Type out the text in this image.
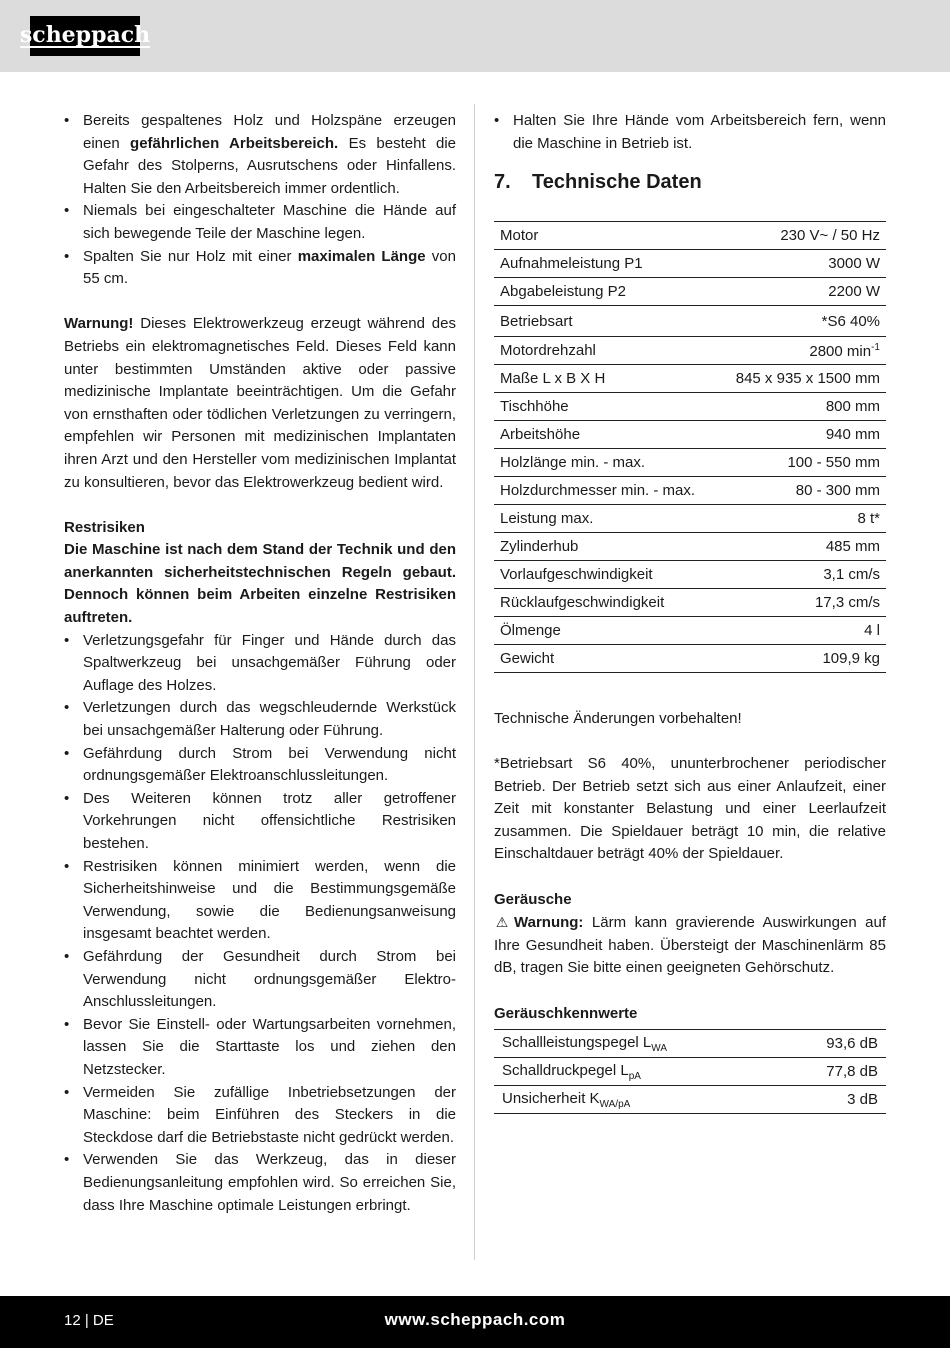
scheppach
• Bereits gespaltenes Holz und Holzspäne erzeugen einen gefährlichen Arbeitsbereich. Es besteht die Gefahr des Stolperns, Ausrutschens oder Hinfallens. Halten Sie den Arbeitsbereich immer ordentlich.
• Niemals bei eingeschalteter Maschine die Hände auf sich bewegende Teile der Maschine legen.
• Spalten Sie nur Holz mit einer maximalen Länge von 55 cm.

Warnung! Dieses Elektrowerkzeug erzeugt während des Betriebs ein elektromagnetisches Feld. Dieses Feld kann unter bestimmten Umständen aktive oder passive medizinische Implantate beeinträchtigen. Um die Gefahr von ernsthaften oder tödlichen Verletzungen zu verringern, empfehlen wir Personen mit medizinischen Implantaten ihren Arzt und den Hersteller vom medizinischen Implantat zu konsultieren, bevor das Elektrowerkzeug bedient wird.

Restrisiken

Die Maschine ist nach dem Stand der Technik und den anerkannten sicherheitstechnischen Regeln gebaut. Dennoch können beim Arbeiten einzelne Restrisiken auftreten.

• Verletzungsgefahr für Finger und Hände durch das Spaltwerkzeug bei unsachgemäßer Führung oder Auflage des Holzes.
• Verletzungen durch das wegschleudernde Werkstück bei unsachgemäßer Halterung oder Führung.
• Gefährdung durch Strom bei Verwendung nicht ordnungsgemäßer Elektroanschlussleitungen.
• Des Weiteren können trotz aller getroffener Vorkehrungen nicht offensichtliche Restrisiken bestehen.
• Restrisiken können minimiert werden, wenn die Sicherheitshinweise und die Bestimmungsgemäße Verwendung, sowie die Bedienungsanweisung insgesamt beachtet werden.
• Gefährdung der Gesundheit durch Strom bei Verwendung nicht ordnungsgemäßer Elektro-Anschlussleitungen.
• Bevor Sie Einstell- oder Wartungsarbeiten vornehmen, lassen Sie die Starttaste los und ziehen den Netzstecker.
• Vermeiden Sie zufällige Inbetriebsetzungen der Maschine: beim Einführen des Steckers in die Steckdose darf die Betriebstaste nicht gedrückt werden.
• Verwenden Sie das Werkzeug, das in dieser Bedienungsanleitung empfohlen wird. So erreichen Sie, dass Ihre Maschine optimale Leistungen erbringt.
• Halten Sie Ihre Hände vom Arbeitsbereich fern, wenn die Maschine in Betrieb ist.
7. Technische Daten
Motor	230 V~ / 50 Hz
Aufnahmeleistung P1	3000 W
Abgabeleistung P2	2200 W
Betriebsart	*S6 40%
Motordrehzahl	2800 $\min^{-1}$
Maße L x B X H	845 x 935 x 1500 mm
Tischhöhe	800 mm
Arbeitshöhe	940 mm
Holzlänge min. - max.	100 - 550 mm
Holzdurchmesser min. - max.	80 - 300 mm
Leistung max.	8 t*
Zylinderhub	485 mm
Vorlaufgeschwindigkeit	3,1 cm/s
Rücklaufgeschwindigkeit	17,3 cm/s
Ölmenge	4 l
Gewicht	109,9 kg

Technische Änderungen vorbehalten!

*Betriebsart S6 40%, ununterbrochener periodischer Betrieb. Der Betrieb setzt sich aus einer Anlaufzeit, einer Zeit mit konstanter Belastung und einer Leerlaufzeit zusammen. Die Spieldauer beträgt 10 min, die relative Einschaltdauer beträgt 40% der Spieldauer.

Geräusche

⚠ Warnung: Lärm kann gravierende Auswirkungen auf Ihre Gesundheit haben. Übersteigt der Maschinenlärm 85 dB, tragen Sie bitte einen geeigneten Gehörschutz.

Geräuschkennwerte

Schallleistungspegel $L_{WA}$	93,6 dB
Schalldruckpegel $L_{pA}$	77,8 dB
Unsicherheit $K_{WA/pA}$	3 dB
12 | DE	www.scheppach.com
